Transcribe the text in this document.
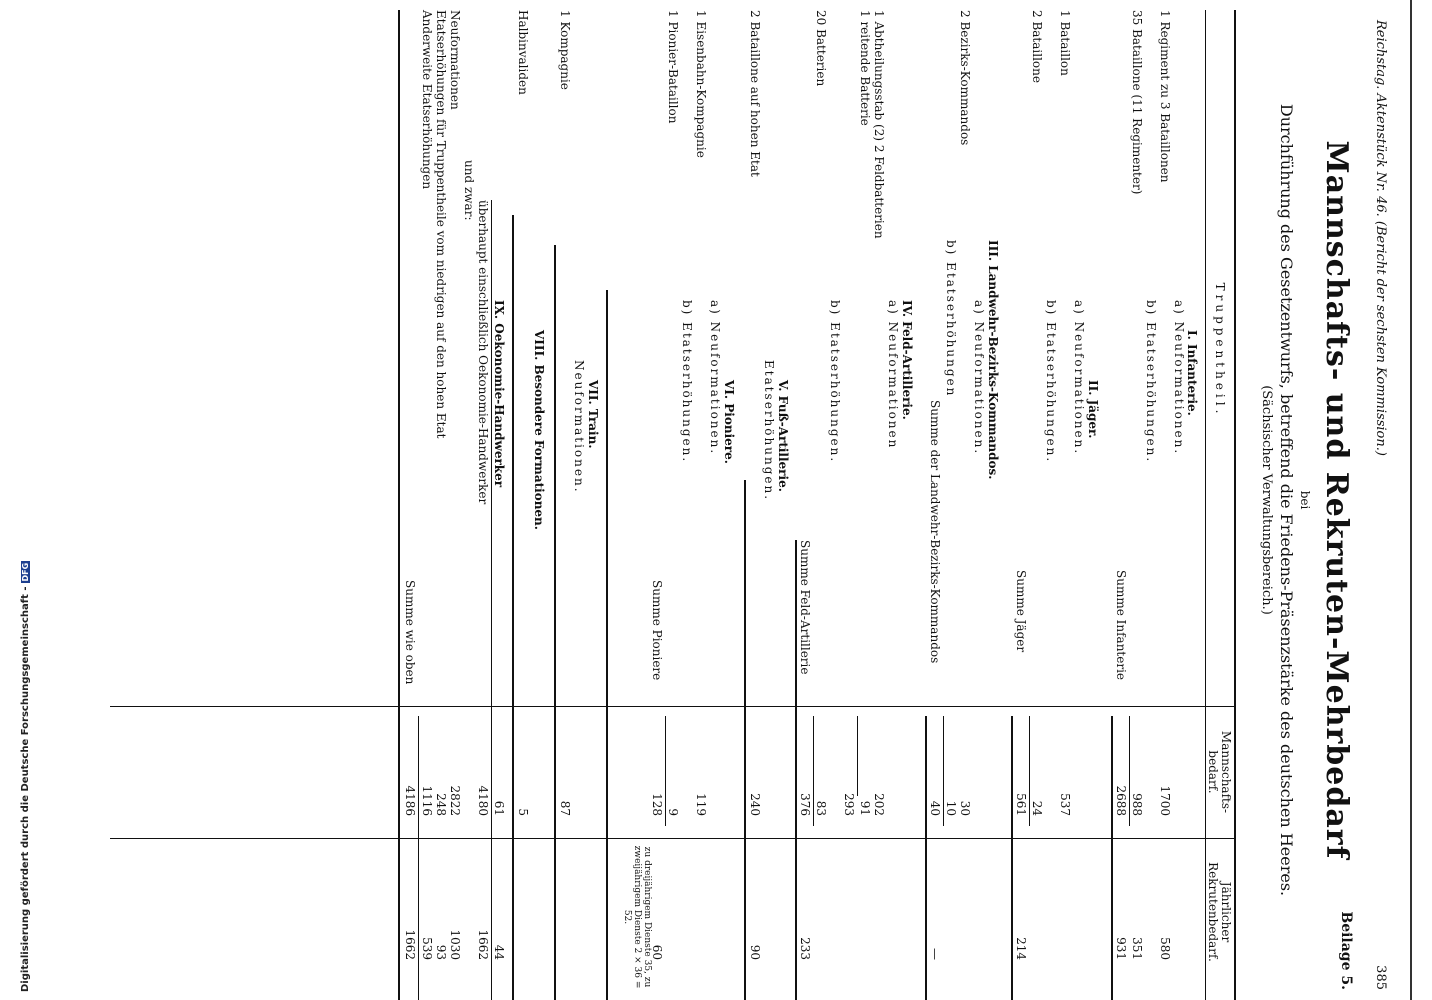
Digitalisierung gefördert durch die Deutsche Forschungsgemeinschaft -DFG
Reichstag. Aktenstück Nr. 46. (Bericht der sechsten Kommission.)
385
Mannschafts- und Rekruten-Mehrbedarf
Beilage 5.
bei
Durchführung des Gesetzentwurfs, betreffend die Friedens-Präsenzstärke des deutschen Heeres.
(Sächsischer Verwaltungsbereich.)
Truppentheil.
Mannschafts-bedarf.
Jährlicher Rekrutenbedarf.
I. Infanterie.
a) Neuformationen.
1 Regiment zu 3 Bataillonen
1700
580
b) Etatserhöhungen.
35 Bataillone (11 Regimenter)
988
351
Summe Infanterie
2688
931
II. Jäger.
a) Neuformationen.
1 Bataillon
537
b) Etatserhöhungen.
2 Bataillone
24
Summe Jäger
561
214
III. Landwehr-Bezirks-Kommandos.
a) Neuformationen.
2 Bezirks-Kommandos
30
b) Etatserhöhungen
10
Summe der Landwehr-Bezirks-Kommandos
40
—
IV. Feld-Artillerie.
a) Neuformationen
1 Abtheilungsstab (2) 2 Feldbatterien
202
1 reitende Batterie
91
293
b) Etatserhöhungen.
20 Batterien
83
Summe Feld-Artillerie
376
233
V. Fuß-Artillerie.
Etatserhöhungen.
2 Bataillone auf hohen Etat
240
90
VI. Pioniere.
a) Neuformationen.
1 Eisenbahn-Kompagnie
119
b) Etatserhöhungen.
1 Pionier-Bataillon
9
Summe Pioniere
128
60
zu dreijährigem Dienste 35, zu zweijährigem Dienste 2 × 36 = 52.
VII. Train.
Neuformationen.
1 Kompagnie
87
VIII. Besondere Formationen.
Halbinvaliden
5
IX. Oekonomie-Handwerker
61
44
überhaupt einschließlich Oekonomie-Handwerker
4180
1662
und zwar:
Neuformationen
2822
1030
Etatserhöhungen für Truppentheile vom niedrigen auf den hohen Etat
248
93
Anderweite Etatserhöhungen
1116
539
Summe wie oben
4186
1662
